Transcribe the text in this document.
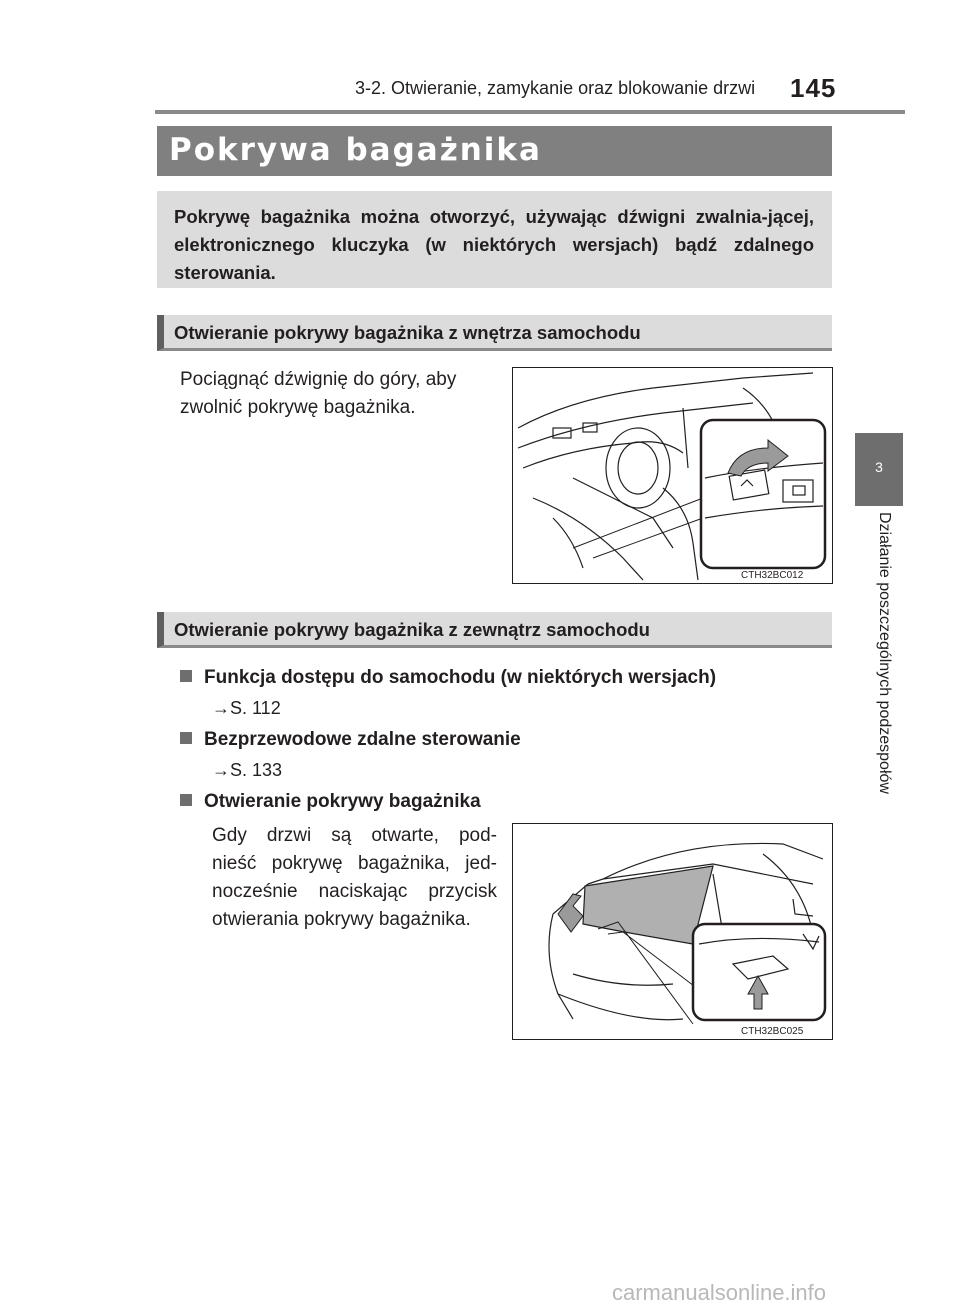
3-2. Otwieranie, zamykanie oraz blokowanie drzwi 145
Pokrywa bagażnika
Pokrywę bagażnika można otworzyć, używając dźwigni zwalnia-jącej, elektronicznego kluczyka (w niektórych wersjach) bądź zdalnego sterowania.
Otwieranie pokrywy bagażnika z wnętrza samochodu
Pociągnąć dźwignię do góry, aby
zwolnić pokrywę bagażnika.
CTH32BC012
Otwieranie pokrywy bagażnika z zewnątrz samochodu
Funkcja dostępu do samochodu (w niektórych wersjach)
→S. 112
Bezprzewodowe zdalne sterowanie
→S. 133
Otwieranie pokrywy bagażnika
Gdy drzwi są otwarte, pod-
nieść pokrywę bagażnika, jed-
nocześnie naciskając przycisk
otwierania pokrywy bagażnika.
CTH32BC025
3
Działanie poszczególnych podzespołów
carmanualsonline.info
